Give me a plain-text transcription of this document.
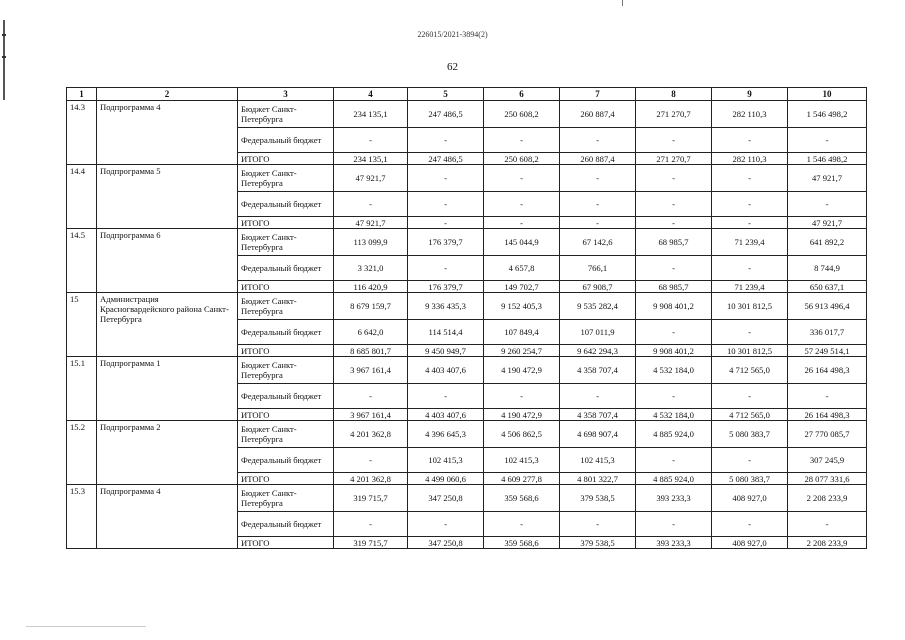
226015/2021-3894(2)
62
1	2	3	4	5	6	7	8	9	10
14.3	Подпрограмма 4	Бюджет Санкт-Петербурга	234 135,1	247 486,5	250 608,2	260 887,4	271 270,7	282 110,3	1 546 498,2
		Федеральный бюджет	-	-	-	-	-	-	-
		ИТОГО	234 135,1	247 486,5	250 608,2	260 887,4	271 270,7	282 110,3	1 546 498,2
14.4	Подпрограмма 5	Бюджет Санкт-Петербурга	47 921,7	-	-	-	-	-	47 921,7
		Федеральный бюджет	-	-	-	-	-	-	-
		ИТОГО	47 921,7	-	-	-	-	-	47 921,7
14.5	Подпрограмма 6	Бюджет Санкт-Петербурга	113 099,9	176 379,7	145 044,9	67 142,6	68 985,7	71 239,4	641 892,2
		Федеральный бюджет	3 321,0	-	4 657,8	766,1	-	-	8 744,9
		ИТОГО	116 420,9	176 379,7	149 702,7	67 908,7	68 985,7	71 239,4	650 637,1
15	Администрация Красногвардейского района Санкт-Петербурга	Бюджет Санкт-Петербурга	8 679 159,7	9 336 435,3	9 152 405,3	9 535 282,4	9 908 401,2	10 301 812,5	56 913 496,4
		Федеральный бюджет	6 642,0	114 514,4	107 849,4	107 011,9	-	-	336 017,7
		ИТОГО	8 685 801,7	9 450 949,7	9 260 254,7	9 642 294,3	9 908 401,2	10 301 812,5	57 249 514,1
15.1	Подпрограмма 1	Бюджет Санкт-Петербурга	3 967 161,4	4 403 407,6	4 190 472,9	4 358 707,4	4 532 184,0	4 712 565,0	26 164 498,3
		Федеральный бюджет	-	-	-	-	-	-	-
		ИТОГО	3 967 161,4	4 403 407,6	4 190 472,9	4 358 707,4	4 532 184,0	4 712 565,0	26 164 498,3
15.2	Подпрограмма 2	Бюджет Санкт-Петербурга	4 201 362,8	4 396 645,3	4 506 862,5	4 698 907,4	4 885 924,0	5 080 383,7	27 770 085,7
		Федеральный бюджет	-	102 415,3	102 415,3	102 415,3	-	-	307 245,9
		ИТОГО	4 201 362,8	4 499 060,6	4 609 277,8	4 801 322,7	4 885 924,0	5 080 383,7	28 077 331,6
15.3	Подпрограмма 4	Бюджет Санкт-Петербурга	319 715,7	347 250,8	359 568,6	379 538,5	393 233,3	408 927,0	2 208 233,9
		Федеральный бюджет	-	-	-	-	-	-	-
		ИТОГО	319 715,7	347 250,8	359 568,6	379 538,5	393 233,3	408 927,0	2 208 233,9
